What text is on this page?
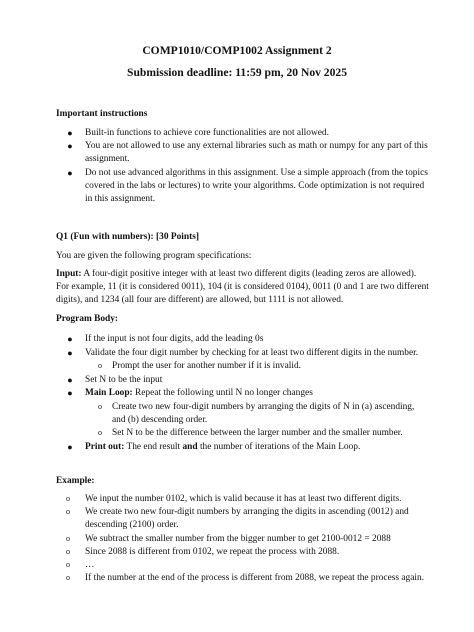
COMP1010/COMP1002 Assignment 2
Submission deadline: 11:59 pm, 20 Nov 2025
Important instructions
● Built-in functions to achieve core functionalities are not allowed.
● You are not allowed to use any external libraries such as math or numpy for any part of this
assignment.
● Do not use advanced algorithms in this assignment. Use a simple approach (from the topics
covered in the labs or lectures) to write your algorithms. Code optimization is not required
in this assignment.
Q1 (Fun with numbers): [30 Points]
You are given the following program specifications:
Input: A four-digit positive integer with at least two different digits (leading zeros are allowed).
For example, 11 (it is considered 0011), 104 (it is considered 0104), 0011 (0 and 1 are two different
digits), and 1234 (all four are different) are allowed, but 1111 is not allowed.
Program Body:
● If the input is not four digits, add the leading 0s
● Validate the four digit number by checking for at least two different digits in the number.
o Prompt the user for another number if it is invalid.
● Set N to be the input
● Main Loop: Repeat the following until N no longer changes
o Create two new four-digit numbers by arranging the digits of N in (a) ascending,
and (b) descending order.
o Set N to be the difference between the larger number and the smaller number.
● Print out: The end result and the number of iterations of the Main Loop.
Example:
o We input the number 0102, which is valid because it has at least two different digits.
o We create two new four-digit numbers by arranging the digits in ascending (0012) and
descending (2100) order.
o We subtract the smaller number from the bigger number to get 2100-0012 = 2088
o Since 2088 is different from 0102, we repeat the process with 2088.
o …
o If the number at the end of the process is different from 2088, we repeat the process again.
